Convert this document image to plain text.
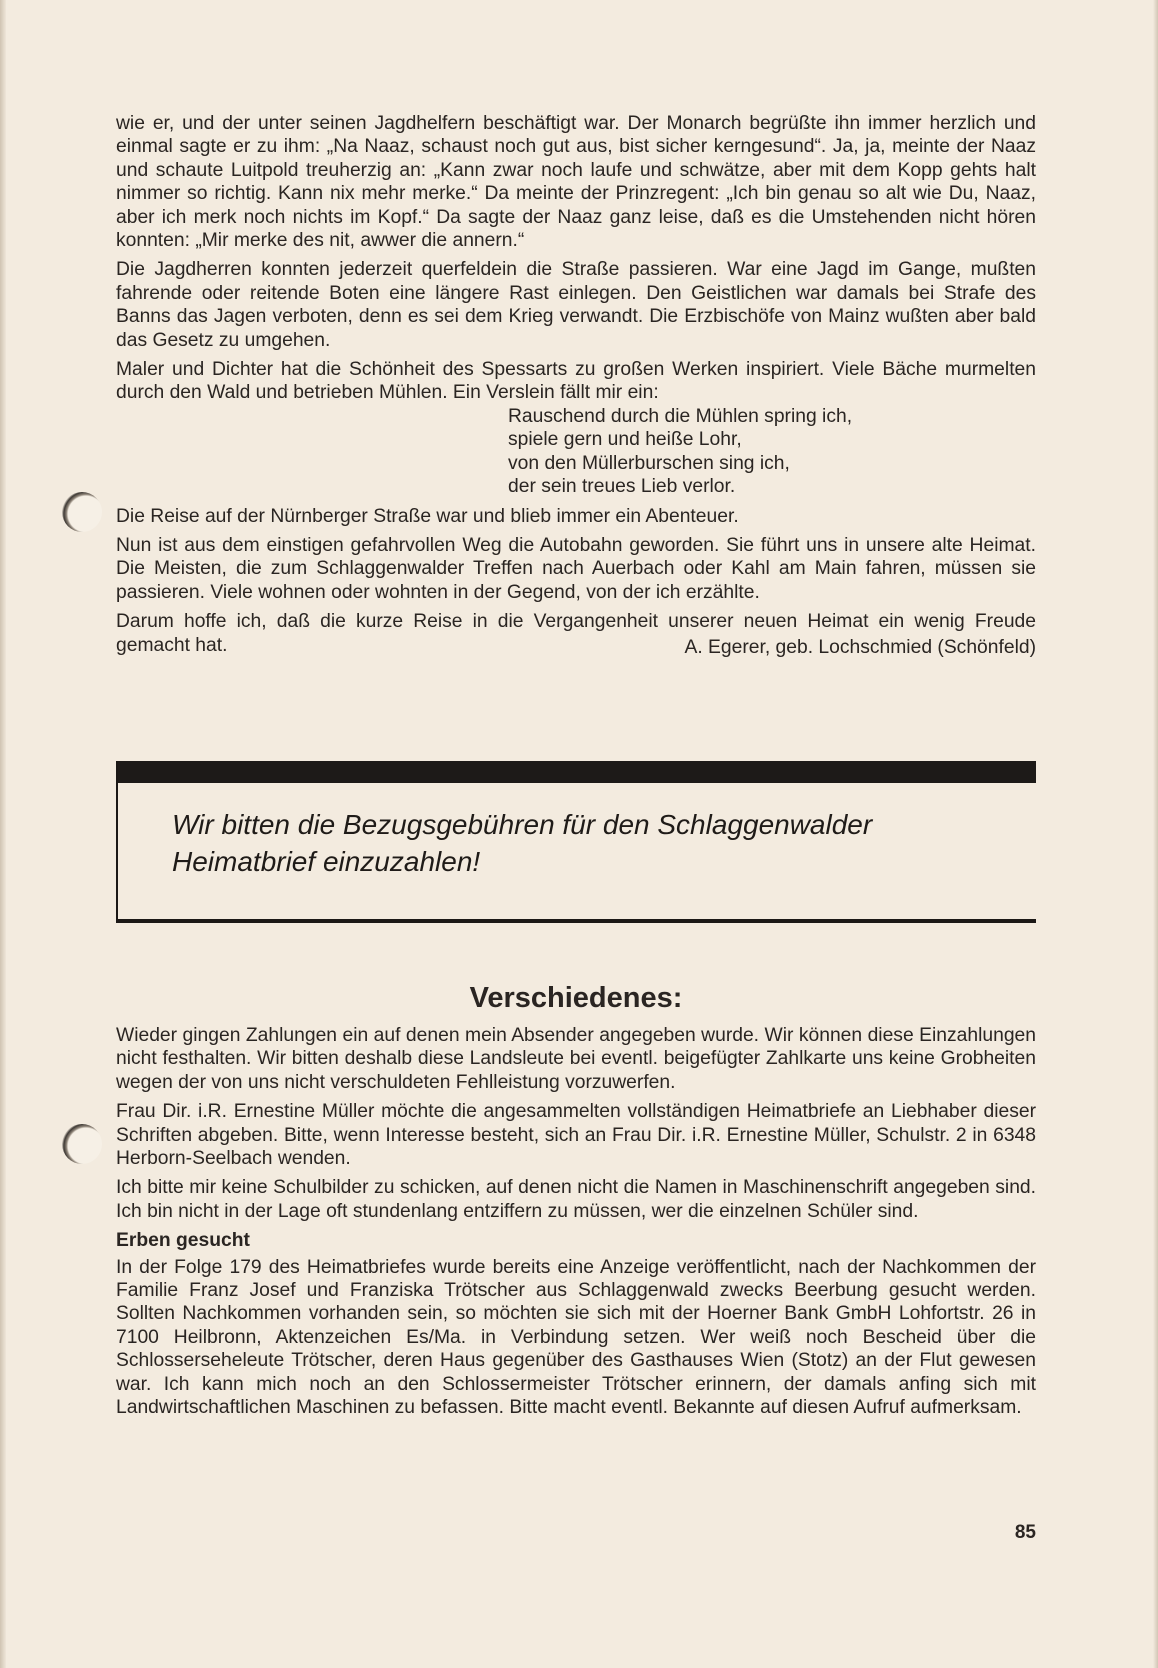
wie er, und der unter seinen Jagdhelfern beschäftigt war. Der Monarch begrüßte ihn immer herzlich und einmal sagte er zu ihm: „Na Naaz, schaust noch gut aus, bist sicher kerngesund“. Ja, ja, meinte der Naaz und schaute Luitpold treuherzig an: „Kann zwar noch laufe und schwätze, aber mit dem Kopp gehts halt nimmer so richtig. Kann nix mehr merke.“ Da meinte der Prinzregent: „Ich bin genau so alt wie Du, Naaz, aber ich merk noch nichts im Kopf.“ Da sagte der Naaz ganz leise, daß es die Umstehenden nicht hören konnten: „Mir merke des nit, awwer die annern.“

Die Jagdherren konnten jederzeit querfeldein die Straße passieren. War eine Jagd im Gange, mußten fahrende oder reitende Boten eine längere Rast einlegen. Den Geistlichen war damals bei Strafe des Banns das Jagen verboten, denn es sei dem Krieg verwandt. Die Erzbischöfe von Mainz wußten aber bald das Gesetz zu umgehen.

Maler und Dichter hat die Schönheit des Spessarts zu großen Werken inspiriert. Viele Bäche murmelten durch den Wald und betrieben Mühlen. Ein Verslein fällt mir ein:

Rauschend durch die Mühlen spring ich,
spiele gern und heiße Lohr,
von den Müllerburschen sing ich,
der sein treues Lieb verlor.

Die Reise auf der Nürnberger Straße war und blieb immer ein Abenteuer.

Nun ist aus dem einstigen gefahrvollen Weg die Autobahn geworden. Sie führt uns in unsere alte Heimat. Die Meisten, die zum Schlaggenwalder Treffen nach Auerbach oder Kahl am Main fahren, müssen sie passieren. Viele wohnen oder wohnten in der Gegend, von der ich erzählte.

Darum hoffe ich, daß die kurze Reise in die Vergangenheit unserer neuen Heimat ein wenig Freude gemacht hat.	A. Egerer, geb. Lochschmied (Schönfeld)
Wir bitten die Bezugsgebühren für den Schlaggenwalder
Heimatbrief einzuzahlen!
Verschiedenes:

Wieder gingen Zahlungen ein auf denen mein Absender angegeben wurde. Wir können diese Einzahlungen nicht festhalten. Wir bitten deshalb diese Landsleute bei eventl. beigefügter Zahlkarte uns keine Grobheiten wegen der von uns nicht verschuldeten Fehlleistung vorzuwerfen.

Frau Dir. i.R. Ernestine Müller möchte die angesammelten vollständigen Heimatbriefe an Liebhaber dieser Schriften abgeben. Bitte, wenn Interesse besteht, sich an Frau Dir. i.R. Ernestine Müller, Schulstr. 2 in 6348 Herborn-Seelbach wenden.

Ich bitte mir keine Schulbilder zu schicken, auf denen nicht die Namen in Maschinenschrift angegeben sind. Ich bin nicht in der Lage oft stundenlang entziffern zu müssen, wer die einzelnen Schüler sind.

Erben gesucht

In der Folge 179 des Heimatbriefes wurde bereits eine Anzeige veröffentlicht, nach der Nachkommen der Familie Franz Josef und Franziska Trötscher aus Schlaggenwald zwecks Beerbung gesucht werden. Sollten Nachkommen vorhanden sein, so möchten sie sich mit der Hoerner Bank GmbH Lohfortstr. 26 in 7100 Heilbronn, Aktenzeichen Es/Ma. in Verbindung setzen. Wer weiß noch Bescheid über die Schlosserseheleute Trötscher, deren Haus gegenüber des Gasthauses Wien (Stotz) an der Flut gewesen war. Ich kann mich noch an den Schlossermeister Trötscher erinnern, der damals anfing sich mit Landwirtschaftlichen Maschinen zu befassen. Bitte macht eventl. Bekannte auf diesen Aufruf aufmerksam.

85
